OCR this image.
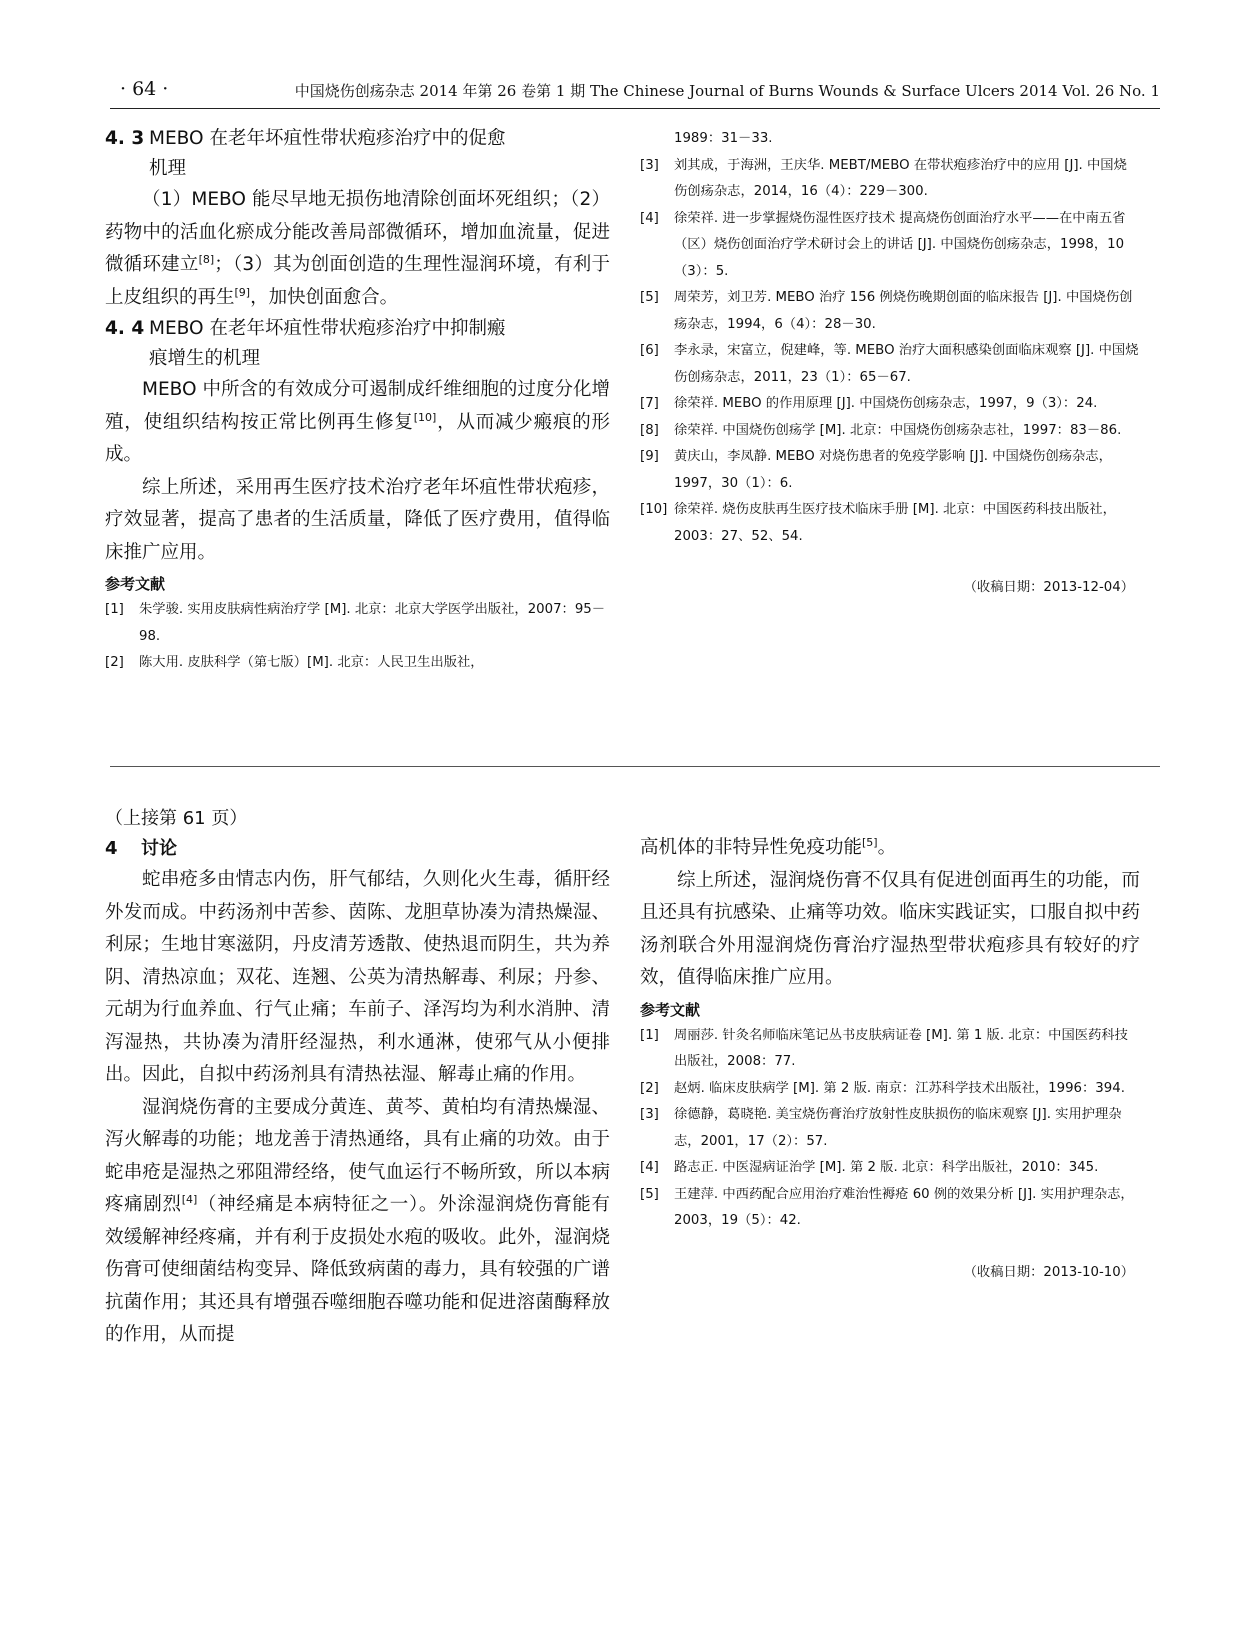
· 64 ·	中国烧伤创疡杂志 2014 年第 26 卷第 1 期 The Chinese Journal of Burns Wounds & Surface Ulcers 2014 Vol. 26 No. 1
4. 3 MEBO 在老年坏疽性带状疱疹治疗中的促愈
机理

（1）MEBO 能尽早地无损伤地清除创面坏死组织；（2）药物中的活血化瘀成分能改善局部微循环，增加血流量，促进微循环建立[8]；（3）其为创面创造的生理性湿润环境，有利于上皮组织的再生[9]，加快创面愈合。

4. 4 MEBO 在老年坏疽性带状疱疹治疗中抑制瘢
痕增生的机理

MEBO 中所含的有效成分可遏制成纤维细胞的过度分化增殖，使组织结构按正常比例再生修复[10]，从而减少瘢痕的形成。

综上所述，采用再生医疗技术治疗老年坏疽性带状疱疹，疗效显著，提高了患者的生活质量，降低了医疗费用，值得临床推广应用。

参考文献
[1] 朱学骏. 实用皮肤病性病治疗学 [M]. 北京：北京大学医学出版社，2007：95－98.
[2] 陈大用. 皮肤科学（第七版）[M]. 北京：人民卫生出版社，
1989：31－33.
[3] 刘其成，于海洲，王庆华. MEBT/MEBO 在带状疱疹治疗中的应用 [J]. 中国烧伤创疡杂志，2014，16（4）：229－300.
[4] 徐荣祥. 进一步掌握烧伤湿性医疗技术 提高烧伤创面治疗水平——在中南五省（区）烧伤创面治疗学术研讨会上的讲话 [J]. 中国烧伤创疡杂志，1998，10（3）：5.
[5] 周荣芳，刘卫芳. MEBO 治疗 156 例烧伤晚期创面的临床报告 [J]. 中国烧伤创疡杂志，1994，6（4）：28－30.
[6] 李永录，宋富立，倪建峰，等. MEBO 治疗大面积感染创面临床观察 [J]. 中国烧伤创疡杂志，2011，23（1）：65－67.
[7] 徐荣祥. MEBO 的作用原理 [J]. 中国烧伤创疡杂志，1997，9（3）：24.
[8] 徐荣祥. 中国烧伤创疡学 [M]. 北京：中国烧伤创疡杂志社，1997：83－86.
[9] 黄庆山，李凤静. MEBO 对烧伤患者的免疫学影响 [J]. 中国烧伤创疡杂志，1997，30（1）：6.
[10] 徐荣祥. 烧伤皮肤再生医疗技术临床手册 [M]. 北京：中国医药科技出版社，2003：27、52、54.
（收稿日期：2013-12-04）
（上接第 61 页）
4 讨论

蛇串疮多由情志内伤，肝气郁结，久则化火生毒，循肝经外发而成。中药汤剂中苦参、茵陈、龙胆草协凑为清热燥湿、利尿；生地甘寒滋阴，丹皮清芳透散、使热退而阴生，共为养阴、清热凉血；双花、连翘、公英为清热解毒、利尿；丹参、元胡为行血养血、行气止痛；车前子、泽泻均为利水消肿、清泻湿热，共协凑为清肝经湿热，利水通淋，使邪气从小便排出。因此，自拟中药汤剂具有清热祛湿、解毒止痛的作用。

湿润烧伤膏的主要成分黄连、黄芩、黄柏均有清热燥湿、泻火解毒的功能；地龙善于清热通络，具有止痛的功效。由于蛇串疮是湿热之邪阻滞经络，使气血运行不畅所致，所以本病疼痛剧烈[4]（神经痛是本病特征之一）。外涂湿润烧伤膏能有效缓解神经疼痛，并有利于皮损处水疱的吸收。此外，湿润烧伤膏可使细菌结构变异、降低致病菌的毒力，具有较强的广谱抗菌作用；其还具有增强吞噬细胞吞噬功能和促进溶菌酶释放的作用，从而提

高机体的非特异性免疫功能[5]。

综上所述，湿润烧伤膏不仅具有促进创面再生的功能，而且还具有抗感染、止痛等功效。临床实践证实，口服自拟中药汤剂联合外用湿润烧伤膏治疗湿热型带状疱疹具有较好的疗效，值得临床推广应用。

参考文献
[1] 周丽莎. 针灸名师临床笔记丛书皮肤病证卷 [M]. 第 1 版. 北京：中国医药科技出版社，2008：77.
[2] 赵炳. 临床皮肤病学 [M]. 第 2 版. 南京：江苏科学技术出版社，1996：394.
[3] 徐德静，葛晓艳. 美宝烧伤膏治疗放射性皮肤损伤的临床观察 [J]. 实用护理杂志，2001，17（2）：57.
[4] 路志正. 中医湿病证治学 [M]. 第 2 版. 北京：科学出版社，2010：345.
[5] 王建萍. 中西药配合应用治疗难治性褥疮 60 例的效果分析 [J]. 实用护理杂志，2003，19（5）：42.
（收稿日期：2013-10-10）
